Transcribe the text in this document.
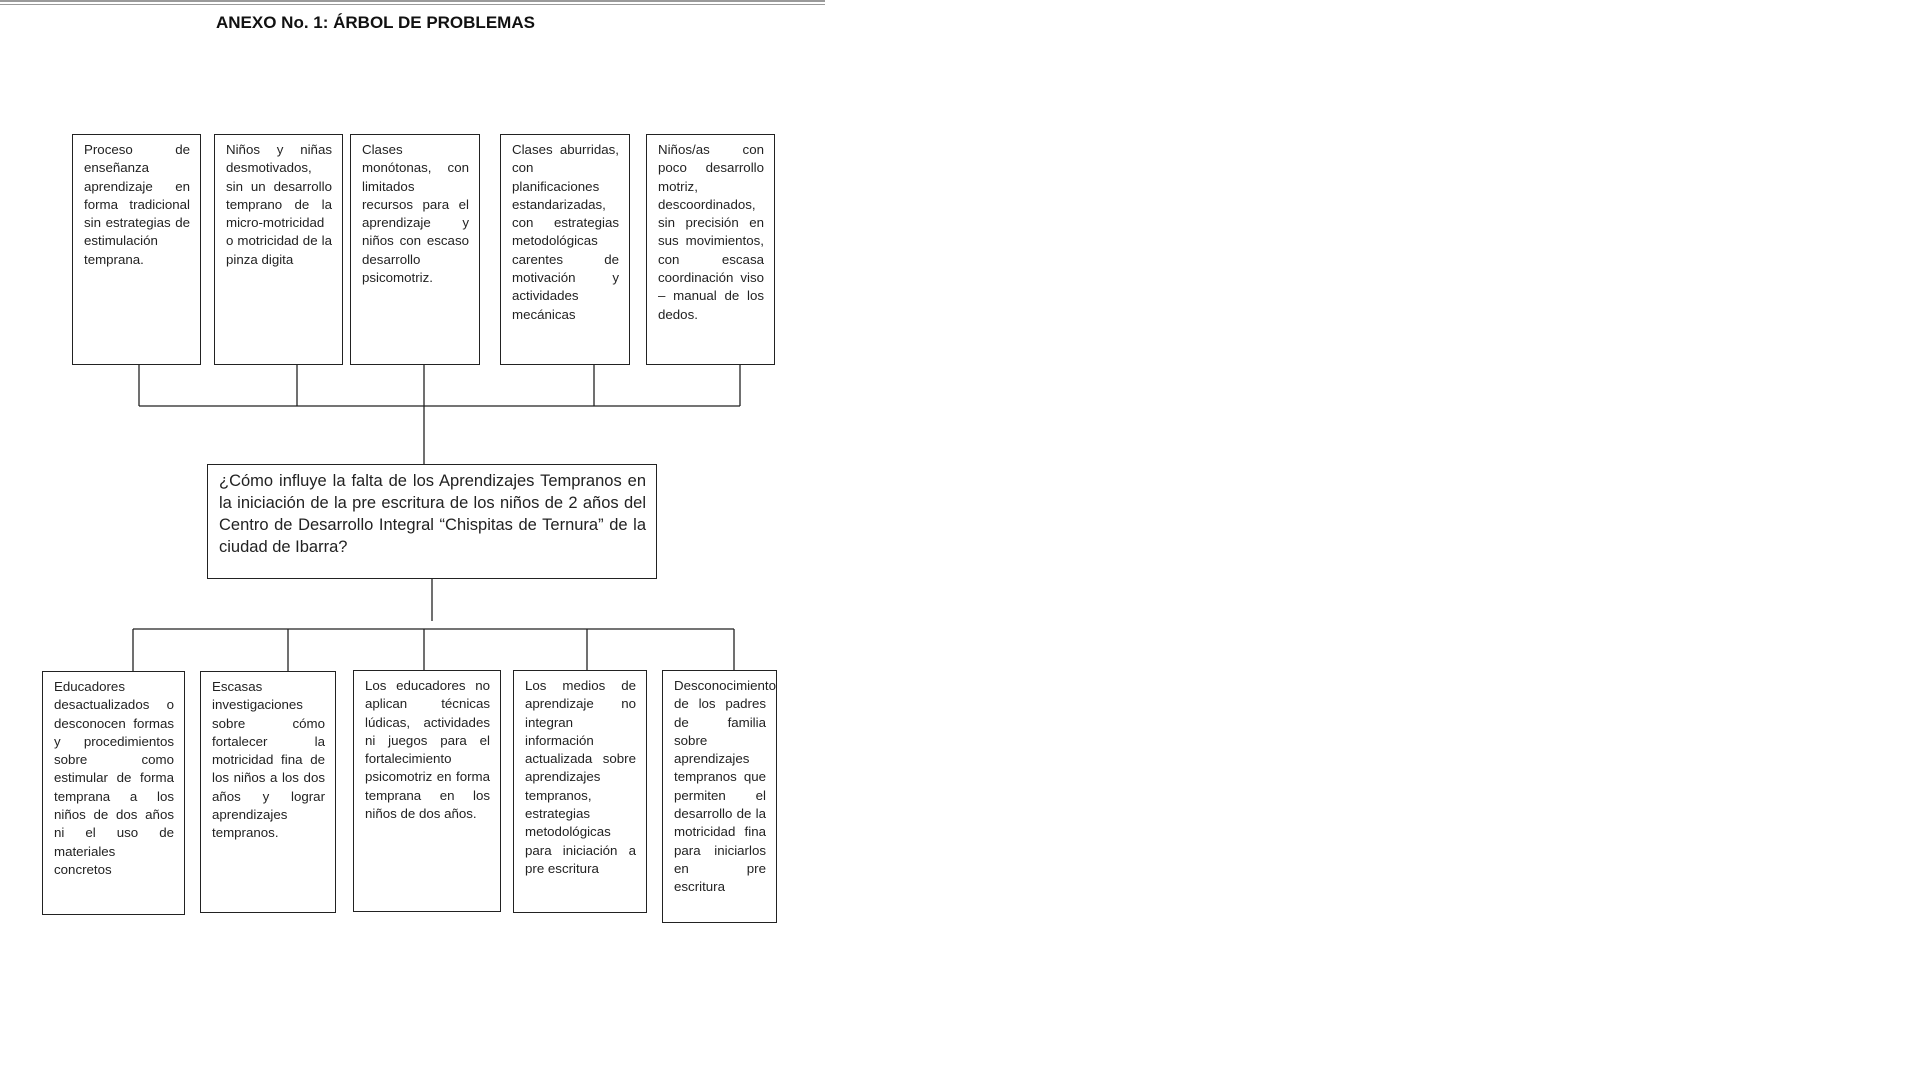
ANEXO No. 1: ÁRBOL DE PROBLEMAS
Proceso de enseñanza aprendizaje en forma tradicional sin estrategias de estimulación temprana.
Niños y niñas desmotivados, sin un desarrollo temprano de la micro-motricidad o motricidad de la pinza digita
Clases monótonas, con limitados recursos para el aprendizaje y niños con escaso desarrollo psicomotriz.
Clases aburridas, con planificaciones estandarizadas, con estrategias metodológicas carentes de motivación y actividades mecánicas
Niños/as con poco desarrollo motriz, descoordinados, sin precisión en sus movimientos, con escasa coordinación viso – manual de los dedos.
¿Cómo influye la falta de los Aprendizajes Tempranos en la iniciación de la pre escritura de los niños de 2 años del Centro de Desarrollo Integral “Chispitas de Ternura” de la ciudad de Ibarra?
Educadores desactualizados o desconocen formas y procedimientos sobre como estimular de forma temprana a los niños de dos años ni el uso de materiales concretos
Escasas investigaciones sobre cómo fortalecer la motricidad fina de los niños a los dos años y lograr aprendizajes tempranos.
Los educadores no aplican técnicas lúdicas, actividades ni juegos para el fortalecimiento psicomotriz en forma temprana en los niños de dos años.
Los medios de aprendizaje no integran información actualizada sobre aprendizajes tempranos, estrategias metodológicas para iniciación a pre escritura
Desconocimiento de los padres de familia sobre aprendizajes tempranos que permiten el desarrollo de la motricidad fina para iniciarlos en pre escritura
